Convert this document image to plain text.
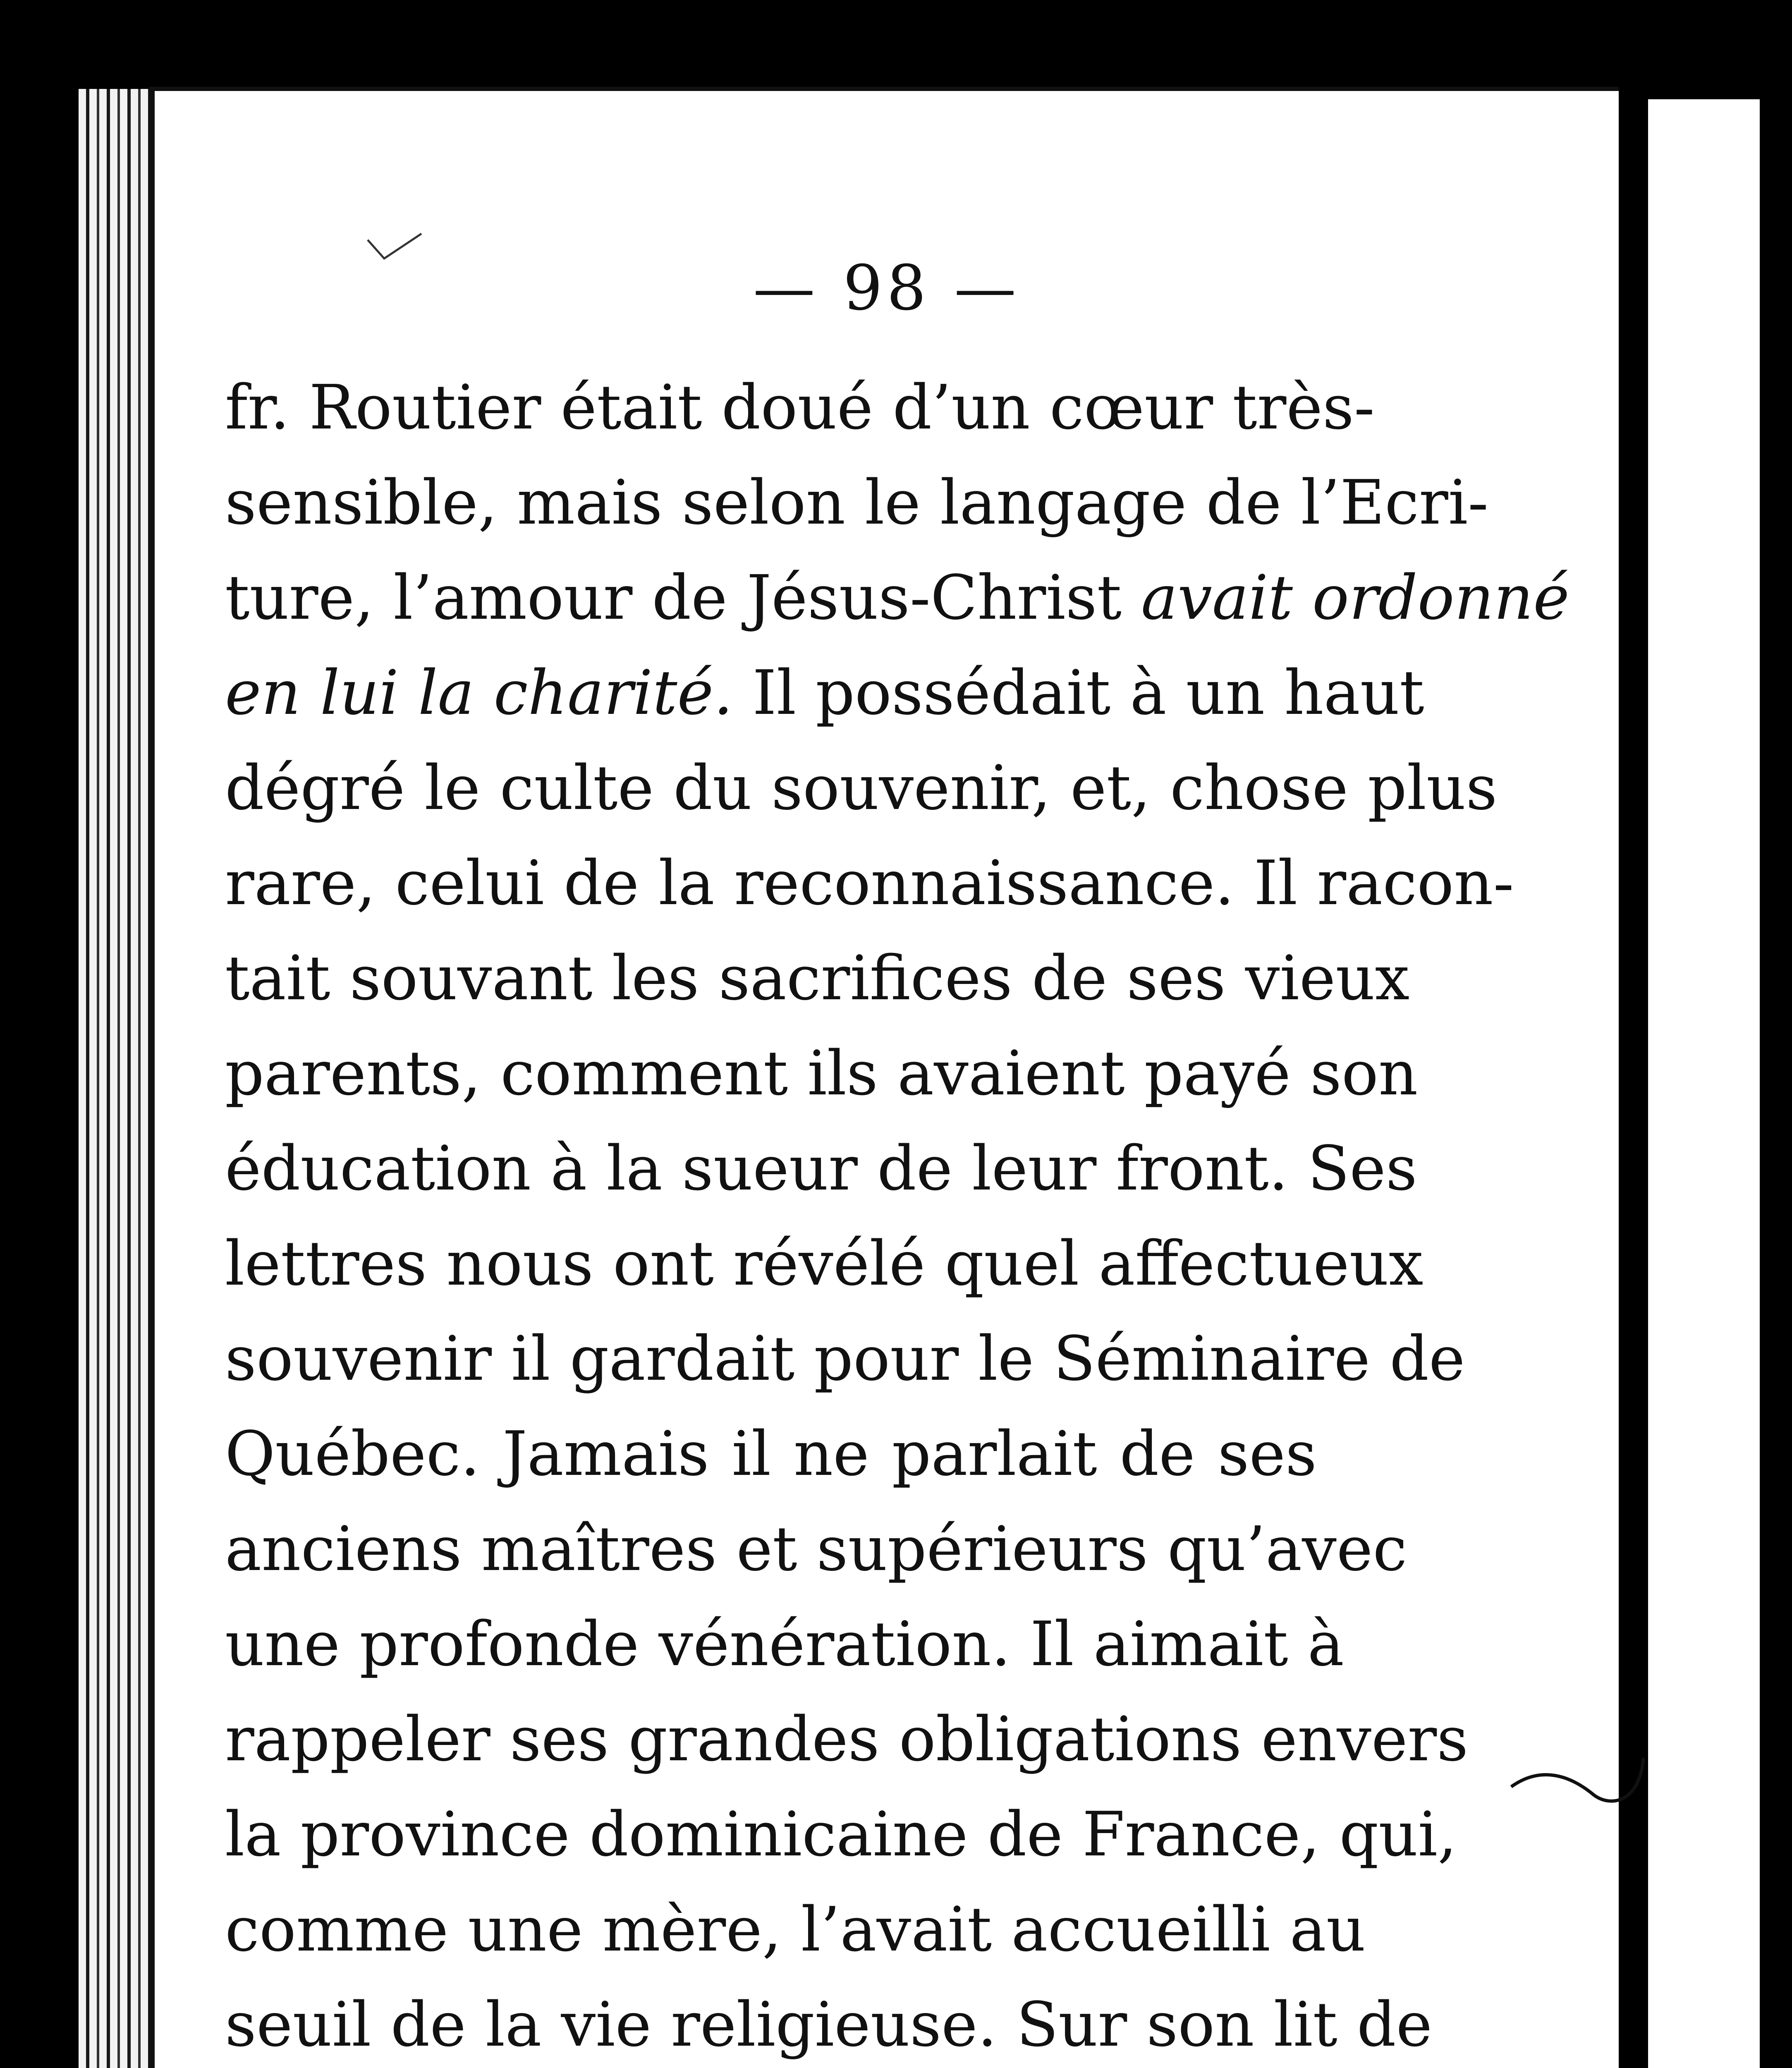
— 98 —
fr. Routier était doué d’un cœur très-
sensible, mais selon le langage de l’Ecri-
ture, l’amour de Jésus-Christ avait ordonné
en lui la charité. Il possédait à un haut
dégré le culte du souvenir, et, chose plus
rare, celui de la reconnaissance. Il racon-
tait souvant les sacrifices de ses vieux
parents, comment ils avaient payé son
éducation à la sueur de leur front. Ses
lettres nous ont révélé quel affectueux
souvenir il gardait pour le Séminaire de
Québec. Jamais il ne parlait de ses
anciens maîtres et supérieurs qu’avec
une profonde vénération. Il aimait à
rappeler ses grandes obligations envers
la province dominicaine de France, qui,
comme une mère, l’avait accueilli au
seuil de la vie religieuse. Sur son lit de
